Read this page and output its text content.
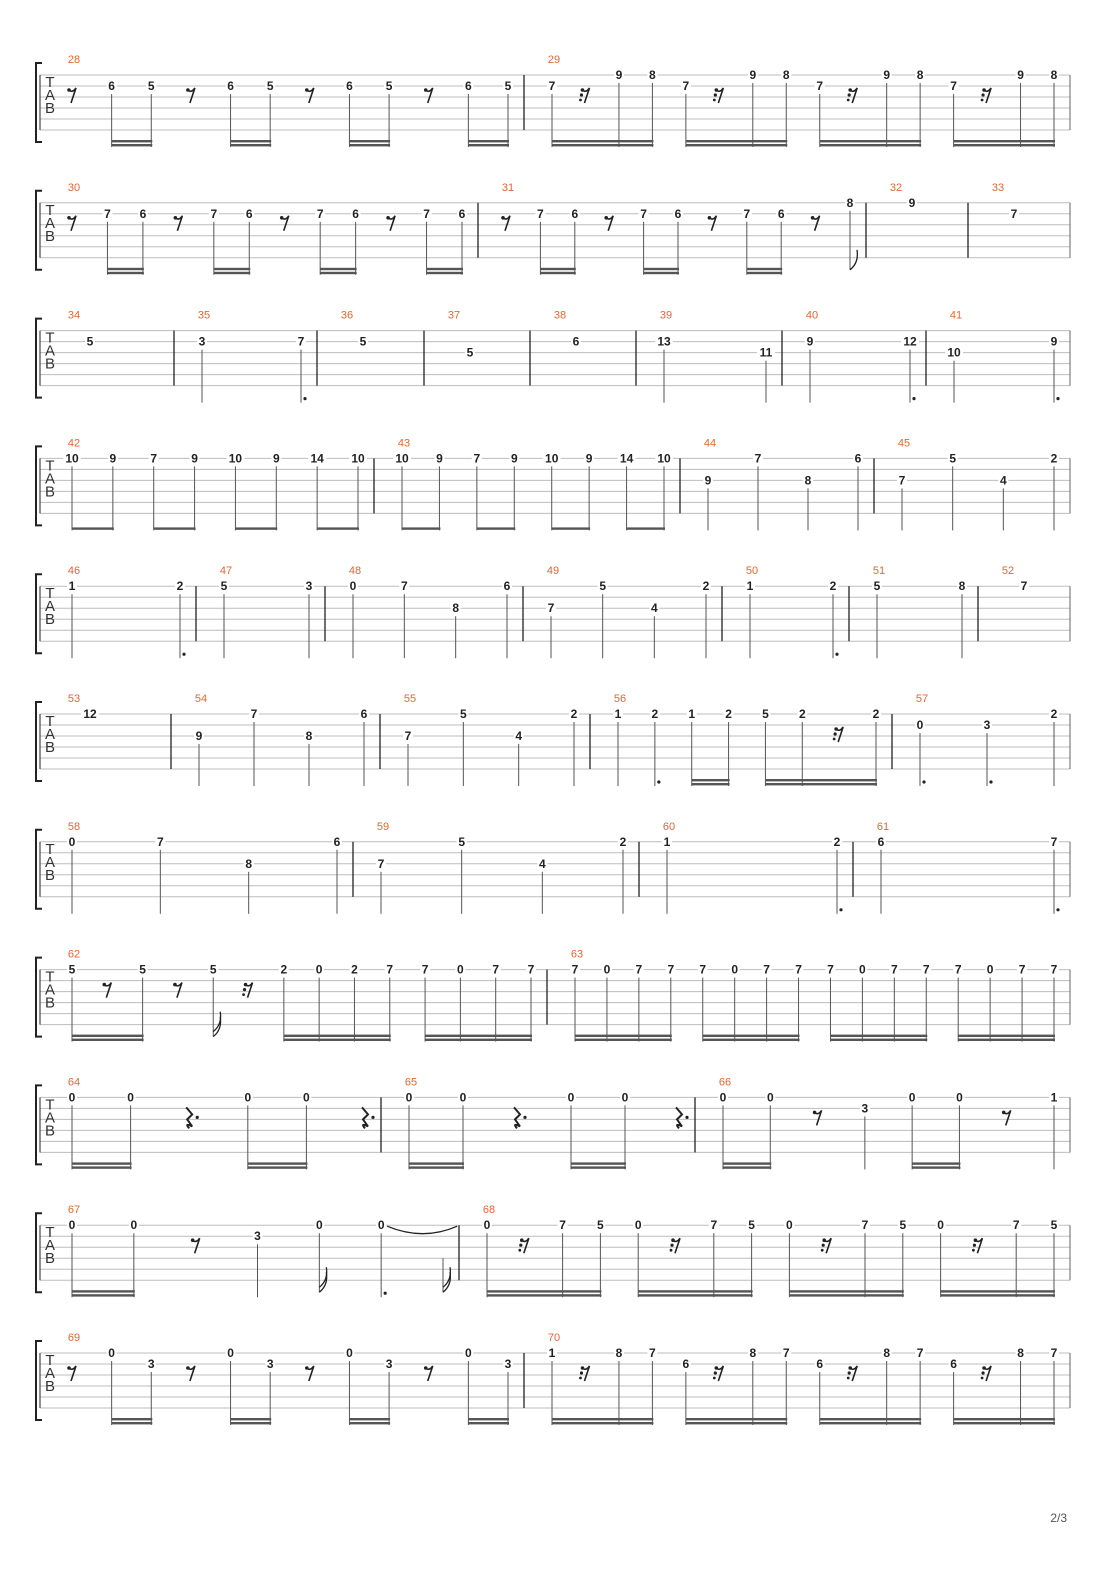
T
A
B
28
6	5	6	5	6	5	6	5
29
7
9 8
7
9 8
7
9 8
7
9 8
T
A
B
30
7 6	7 6	7 6	7 6
31
7 6	7 6	7 6
8
32
9
33
7
T
A
B
34
5
35
3	7
36
5
37
5
38
6
39
13
11
40
9	12
41
10
9
T
A
B
42
10	9	7	9	10	9	14 10
43
10 9	7	9 10 9 14 10
44
9
7
8
6
45
7
5
4
2
T
A
B
46
1	2
47
5	3
48
0	7
8
6
49
7
5
4
2
50
1	2
51
5	8
52
7
T
A
B
53
12
54
9
7
8
6
55
7
5
4
2
56
1	2	1	2	5	2	2
57
0	3
2
T
A
B
58
0	7
8
6
59
7
5
4
2
60
1	2
61
6	7
T
A
B
62
5	5	5	2 0 2 7 7 0 7 7
63
7 0 7 7 7 0 7 7 7 0 7 7 7 0 7 7
T
A
B
64
0	0	0	0
65
0	0	0	0
66
0	0
3
0	0	1
T
A
B
67
0	0
3
0	0
68
0	7	5	0	7	5	0	7	5	0	7	5
T
A
B
69
0
3
0
3
0
3
0
3
70
1	8 7
6
8 7
6
8 7
6
8 7
2/3
